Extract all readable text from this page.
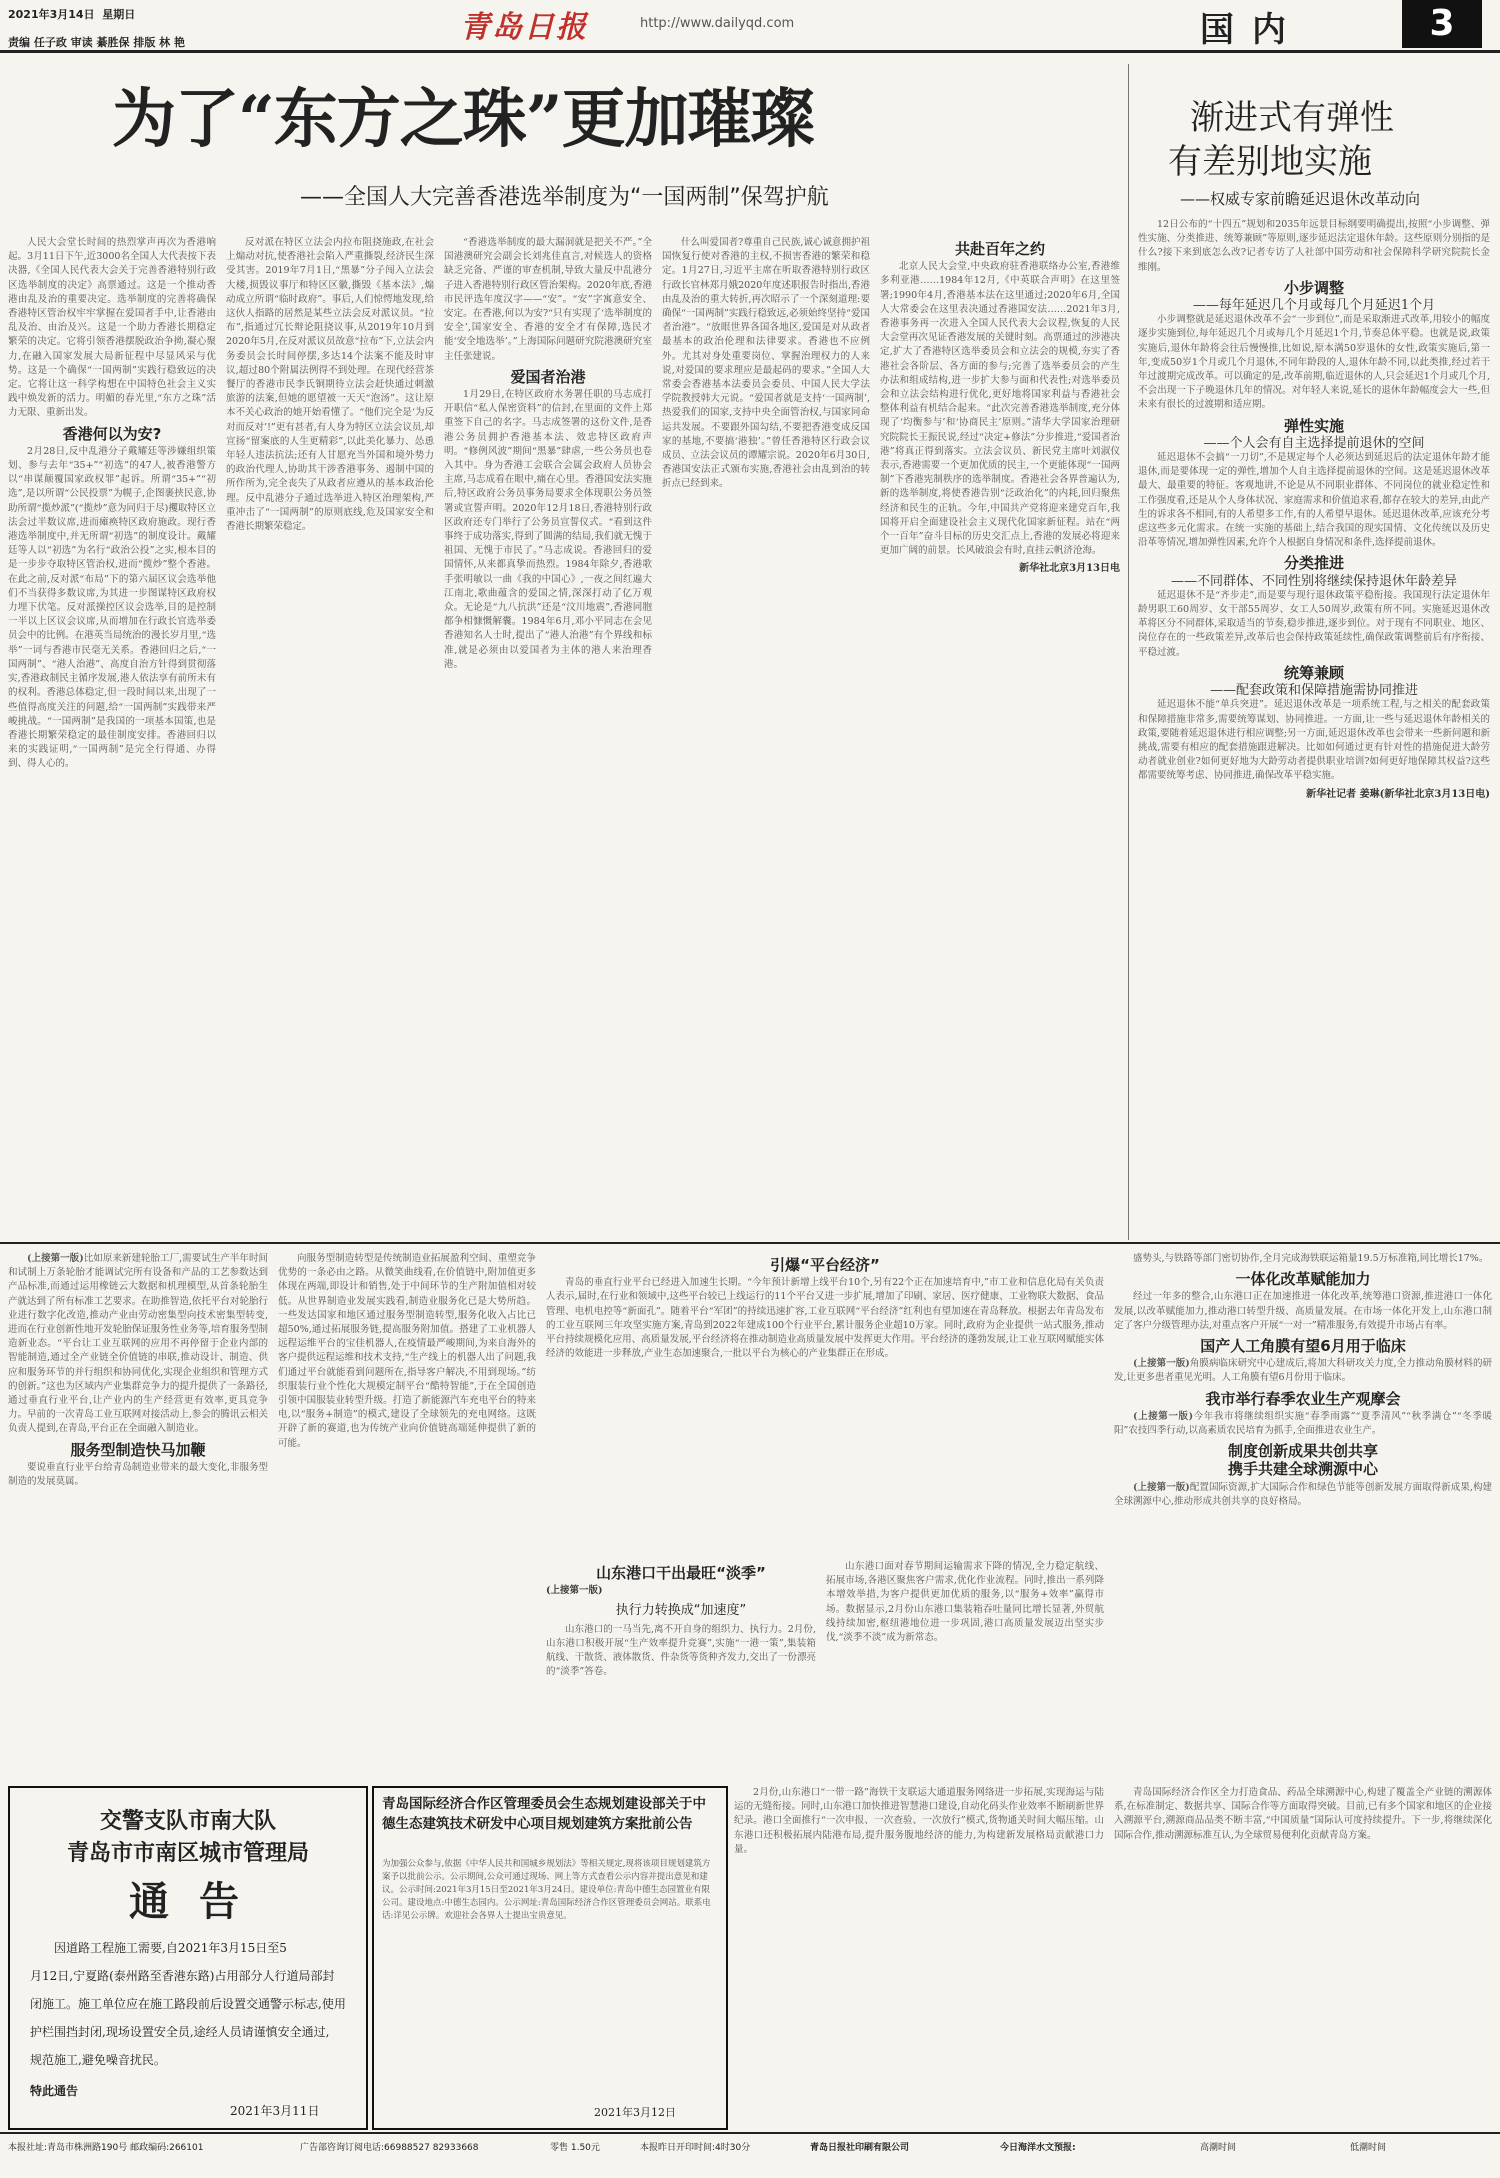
2021年3月14日 星期日
责编 任子政 审读 綦胜保 排版 林 艳	青岛日报	http://www.dailyqd.com	国内	3
为了“东方之珠”更加璀璨
——全国人大完善香港选举制度为“一国两制”保驾护航
渐进式有弹性
有差别地实施
——权威专家前瞻延迟退休改革动向

12日公布的“十四五”规划和2035年远景目标纲要明确提出,按照“小步调整、弹性实施、分类推进、统筹兼顾”等原则,逐步延迟法定退休年龄。这些原则分别指的是什么?接下来到底怎么改?记者专访了人社部中国劳动和社会保障科学研究院院长金维刚。

小步调整
——每年延迟几个月或每几个月延迟1个月

小步调整就是延迟退休改革不会“一步到位”,而是采取渐进式改革,用较小的幅度逐步实施到位,每年延迟几个月或每几个月延迟1个月,节奏总体平稳。也就是说,政策实施后,退休年龄将会往后慢慢推,比如说,原本满50岁退休的女性,政策实施后,第一年,变成50岁1个月或几个月退休,不同年龄段的人,退休年龄不同,以此类推,经过若干年过渡期完成改革。可以确定的是,改革前期,临近退休的人,只会延迟1个月或几个月,不会出现一下子晚退休几年的情况。对年轻人来说,延长的退休年龄幅度会大一些,但未来有很长的过渡期和适应期。

弹性实施
——个人会有自主选择提前退休的空间

延迟退休不会搞“一刀切”,不是规定每个人必须达到延迟后的法定退休年龄才能退休,而是要体现一定的弹性,增加个人自主选择提前退休的空间。这是延迟退休改革最大、最重要的特征。客观地讲,不论是从不同职业群体、不同岗位的就业稳定性和工作强度看,还是从个人身体状况、家庭需求和价值追求看,都存在较大的差异,由此产生的诉求各不相同,有的人希望多工作,有的人希望早退休。延迟退休改革,应该充分考虑这些多元化需求。在统一实施的基础上,结合我国的现实国情、文化传统以及历史沿革等情况,增加弹性因素,允许个人根据自身情况和条件,选择提前退休。

分类推进
——不同群体、不同性别将继续保持退休年龄差异

延迟退休不是“齐步走”,而是要与现行退休政策平稳衔接。我国现行法定退休年龄男职工60周岁、女干部55周岁、女工人50周岁,政策有所不同。实施延迟退休改革将区分不同群体,采取适当的节奏,稳步推进,逐步到位。对于现有不同职业、地区、岗位存在的一些政策差异,改革后也会保持政策延续性,确保政策调整前后有序衔接、平稳过渡。

统筹兼顾
——配套政策和保障措施需协同推进

延迟退休不能“单兵突进”。延迟退休改革是一项系统工程,与之相关的配套政策和保障措施非常多,需要统筹谋划、协同推进。一方面,让一些与延迟退休年龄相关的政策,要随着延迟退休进行相应调整;另一方面,延迟退休改革也会带来一些新问题和新挑战,需要有相应的配套措施跟进解决。比如如何通过更有针对性的措施促进大龄劳动者就业创业?如何更好地为大龄劳动者提供职业培训?如何更好地保障其权益?这些都需要统筹考虑、协同推进,确保改革平稳实施。

新华社记者 姜琳(新华社北京3月13日电)

人民大会堂长时间的热烈掌声再次为香港响起。3月11日下午,近3000名全国人大代表按下表决器,《全国人民代表大会关于完善香港特别行政区选举制度的决定》高票通过。这是一个推动香港由乱及治的重要决定。选举制度的完善将确保香港特区管治权牢牢掌握在爱国者手中,让香港由乱及治、由治及兴。这是一个助力香港长期稳定繁荣的决定。它将引领香港摆脱政治争拗,凝心聚力,在融入国家发展大局新征程中尽显风采与优势。这是一个确保“一国两制”实践行稳致远的决定。它将让这一科学构想在中国特色社会主义实践中焕发新的活力。明媚的春光里,“东方之珠”活力无限、重新出发。

香港何以为安?

2月28日,反中乱港分子戴耀廷等涉嫌组织策划、参与去年“35+”“初选”的47人,被香港警方以“串谋颠覆国家政权罪”起诉。所谓“35+”“初选”,是以所谓“公民投票”为幌子,企图裹挟民意,协助所谓“揽炒派”(“揽炒”意为同归于尽)攫取特区立法会过半数议席,进而瘫痪特区政府施政。现行香港选举制度中,并无所谓“初选”的制度设计。戴耀廷等人以“初选”为名行“政治公投”之实,根本目的是一步步夺取特区管治权,进而“揽炒”整个香港。在此之前,反对派“布局”下的第六届区议会选举他们不当获得多数议席,为其进一步图谋特区政府权力埋下伏笔。反对派操控区议会选举,目的是控制一半以上区议会议席,从而增加在行政长官选举委员会中的比例。在港英当局统治的漫长岁月里,“选举”一词与香港市民毫无关系。香港回归之后,“一国两制”、“港人治港”、高度自治方针得到贯彻落实,香港政制民主循序发展,港人依法享有前所未有的权利。香港总体稳定,但一段时间以来,出现了一些值得高度关注的问题,给“一国两制”实践带来严峻挑战。“一国两制”是我国的一项基本国策,也是香港长期繁荣稳定的最佳制度安排。香港回归以来的实践证明,“一国两制”是完全行得通、办得到、得人心的。

反对派在特区立法会内拉布阻挠施政,在社会上煽动对抗,使香港社会陷入严重撕裂,经济民生深受其害。2019年7月1日,“黑暴”分子闯入立法会大楼,损毁议事厅和特区区徽,撕毁《基本法》,煽动成立所谓“临时政府”。事后,人们惊愕地发现,给这伙人指路的居然是某些立法会反对派议员。“拉布”,指通过冗长辩论阻挠议事,从2019年10月到2020年5月,在反对派议员故意“拉布”下,立法会内务委员会长时间停摆,多达14个法案不能及时审议,超过80个附属法例得不到处理。在现代经营茶餐厅的香港市民李氏铜期待立法会赶快通过刺激旅游的法案,但她的愿望被一天天“泡汤”。这让原本不关心政治的她开始看懂了。“他们完全是‘为反对而反对’!”更有甚者,有人身为特区立法会议员,却宣扬“留案底的人生更精彩”,以此美化暴力、怂恿年轻人违法抗法;还有人甘愿充当外国和境外势力的政治代理人,协助其干涉香港事务、遏制中国的所作所为,完全丧失了从政者应遵从的基本政治伦理。反中乱港分子通过选举进入特区治理架构,严重冲击了“一国两制”的原则底线,危及国家安全和香港长期繁荣稳定。

“香港选举制度的最大漏洞就是把关不严。”全国港澳研究会副会长刘兆佳直言,对候选人的资格缺乏完备、严谨的审查机制,导致大量反中乱港分子进入香港特别行政区管治架构。2020年底,香港市民评选年度汉字——“安”。“安”字寓意安全、安定。在香港,何以为安?“只有实现了‘选举制度的安全’,国家安全、香港的安全才有保障,选民才能‘安全地选举’。”上海国际问题研究院港澳研究室主任张建说。

爱国者治港

1月29日,在特区政府水务署任职的马志成打开职信“私人保密资料”的信封,在里面的文件上郑重签下自己的名字。马志成签署的这份文件,是香港公务员拥护香港基本法、效忠特区政府声明。“修例风波”期间“黑暴”肆虐,一些公务员也卷入其中。身为香港工会联合会属会政府人员协会主席,马志成看在眼中,痛在心里。香港国安法实施后,特区政府公务员事务局要求全体现职公务员签署或宣誓声明。2020年12月18日,香港特别行政区政府还专门举行了公务员宣誓仪式。“看到这件事终于成功落实,得到了圆满的结局,我们就无愧于祖国、无愧于市民了。”马志成说。香港回归的爱国情怀,从来都真挚而热烈。1984年除夕,香港歌手张明敏以一曲《我的中国心》,一夜之间红遍大江南北,歌曲蕴含的爱国之情,深深打动了亿万观众。无论是“九八抗洪”还是“汶川地震”,香港同胞都争相慷慨解囊。1984年6月,邓小平同志在会见香港知名人士时,提出了“港人治港”有个界线和标准,就是必须由以爱国者为主体的港人来治理香港。

什么叫爱国者?尊重自己民族,诚心诚意拥护祖国恢复行使对香港的主权,不损害香港的繁荣和稳定。1月27日,习近平主席在听取香港特别行政区行政长官林郑月娥2020年度述职报告时指出,香港由乱及治的重大转折,再次昭示了一个深刻道理:要确保“一国两制”实践行稳致远,必须始终坚持“爱国者治港”。“放眼世界各国各地区,爱国是对从政者最基本的政治伦理和法律要求。香港也不应例外。尤其对身处重要岗位、掌握治理权力的人来说,对爱国的要求理应是最起码的要求。”全国人大常委会香港基本法委员会委员、中国人民大学法学院教授韩大元说。“爱国者就是支持‘一国两制’,热爱我们的国家,支持中央全面管治权,与国家同命运共发展。不要跟外国勾结,不要把香港变成反国家的基地,不要搞‘港独’。”曾任香港特区行政会议成员、立法会议员的谭耀宗说。2020年6月30日,香港国安法正式颁布实施,香港社会由乱到治的转折点已经到来。

共赴百年之约

北京人民大会堂,中央政府驻香港联络办公室,香港维多利亚港……1984年12月,《中英联合声明》在这里签署;1990年4月,香港基本法在这里通过;2020年6月,全国人大常委会在这里表决通过香港国安法……2021年3月,香港事务再一次进入全国人民代表大会议程,恢复的人民大会堂再次见证香港发展的关键时刻。高票通过的涉港决定,扩大了香港特区选举委员会和立法会的规模,夯实了香港社会各阶层、各方面的参与;完善了选举委员会的产生办法和组成结构,进一步扩大参与面和代表性;对选举委员会和立法会结构进行优化,更好地将国家利益与香港社会整体利益有机结合起来。“此次完善香港选举制度,充分体现了‘均衡参与’和‘协商民主’原则。”清华大学国家治理研究院院长王振民说,经过“决定+修法”分步推进,“爱国者治港”将真正得到落实。立法会议员、新民党主席叶刘淑仪表示,香港需要一个更加优质的民主,一个更能体现“一国两制”下香港宪制秩序的选举制度。香港社会各界普遍认为,新的选举制度,将使香港告别“泛政治化”的内耗,回归聚焦经济和民生的正轨。今年,中国共产党将迎来建党百年,我国将开启全面建设社会主义现代化国家新征程。站在“两个一百年”奋斗目标的历史交汇点上,香港的发展必将迎来更加广阔的前景。长风破浪会有时,直挂云帆济沧海。

新华社北京3月13日电

(上接第一版)比如原来新建轮胎工厂,需要试生产半年时间和试制上万条轮胎才能调试完所有设备和产品的工艺参数达到产品标准,而通过运用橡链云大数据和机理模型,从首条轮胎生产就达到了所有标准工艺要求。在助推智造,依托平台对轮胎行业进行数字化改造,推动产业由劳动密集型向技术密集型转变,进而在行业创新性地开发轮胎保证服务性业务等,培育服务型制造新业态。“平台让工业互联网的应用不再停留于企业内部的智能制造,通过全产业链全价值链的串联,推动设计、制造、供应和服务环节的并行组织和协同优化,实现企业组织和管理方式的创新。”这也为区域内产业集群竞争力的提升提供了一条路径,通过垂直行业平台,让产业内的生产经营更有效率,更具竞争力。早前的一次青岛工业互联网对接活动上,参会的腾讯云相关负责人提到,在青岛,平台正在全面融入制造业。

服务型制造快马加鞭

要说垂直行业平台给青岛制造业带来的最大变化,非服务型制造的发展莫属。

向服务型制造转型是传统制造业拓展盈利空间、重塑竞争优势的一条必由之路。从微笑曲线看,在价值链中,附加值更多体现在两端,即设计和销售,处于中间环节的生产附加值相对较低。从世界制造业发展实践看,制造业服务化已是大势所趋。一些发达国家和地区通过服务型制造转型,服务化收入占比已超50%,通过拓展服务链,提高服务附加值。搭建了工业机器人远程运维平台的宝佳机器人,在疫情最严峻期间,为来自海外的客户提供远程运维和技术支持,“生产线上的机器人出了问题,我们通过平台就能看到问题所在,指导客户解决,不用到现场。”纺织服装行业个性化大规模定制平台“酷特智能”,于在全国创造引领中国服装业转型升级。打造了新能源汽车充电平台的特来电,以“服务+制造”的模式,建设了全球领先的充电网络。这既开辟了新的赛道,也为传统产业向价值链高端延伸提供了新的可能。

引爆“平台经济”

青岛的垂直行业平台已经进入加速生长期。“今年预计新增上线平台10个,另有22个正在加速培育中,”市工业和信息化局有关负责人表示,届时,在行业和领域中,这些平台较已上线运行的11个平台又进一步扩展,增加了印刷、家居、医疗健康、工业物联大数据、食品管理、电机电控等“新面孔”。随着平台“军团”的持续迅速扩容,工业互联网“平台经济”红利也有望加速在青岛释放。根据去年青岛发布的工业互联网三年攻坚实施方案,青岛到2022年建成100个行业平台,累计服务企业超10万家。同时,政府为企业提供一站式服务,推动平台持续规模化应用、高质量发展,平台经济将在推动制造业高质量发展中发挥更大作用。平台经济的蓬勃发展,让工业互联网赋能实体经济的效能进一步释放,产业生态加速聚合,一批以平台为核心的产业集群正在形成。

山东港口干出最旺“淡季”

(上接第一版)

执行力转换成“加速度”

山东港口的一马当先,离不开自身的组织力、执行力。2月份,山东港口积极开展“生产效率提升竞赛”,实施“一港一策”,集装箱航线、干散货、液体散货、件杂货等货种齐发力,交出了一份漂亮的“淡季”答卷。

山东港口面对春节期间运输需求下降的情况,全力稳定航线、拓展市场,各港区聚焦客户需求,优化作业流程。同时,推出一系列降本增效举措,为客户提供更加优质的服务,以“服务+效率”赢得市场。数据显示,2月份山东港口集装箱吞吐量同比增长显著,外贸航线持续加密,枢纽港地位进一步巩固,港口高质量发展迈出坚实步伐,“淡季不淡”成为新常态。

盛势头,与铁路等部门密切协作,全月完成海铁联运箱量19.5万标准箱,同比增长17%。

一体化改革赋能加力

经过一年多的整合,山东港口正在加速推进一体化改革,统筹港口资源,推进港口一体化发展,以改革赋能加力,推动港口转型升级、高质量发展。在市场一体化开发上,山东港口制定了客户分级管理办法,对重点客户开展“一对一”精准服务,有效提升市场占有率。

国产人工角膜有望6月用于临床

(上接第一版)角膜病临床研究中心建成后,将加大科研攻关力度,全力推动角膜材料的研发,让更多患者重见光明。人工角膜有望6月份用于临床。

我市举行春季农业生产观摩会

(上接第一版)今年我市将继续组织实施“春季雨露”“夏季清风”“秋季满仓”“冬季暖阳”农技四季行动,以高素质农民培育为抓手,全面推进农业生产。

制度创新成果共创共享
携手共建全球溯源中心

(上接第一版)配置国际资源,扩大国际合作和绿色节能等创新发展方面取得新成果,构建全球溯源中心,推动形成共创共享的良好格局。

交警支队市南大队
青岛市市南区城市管理局
通 告
因道路工程施工需要,自2021年3月15日至5
月12日,宁夏路(泰州路至香港东路)占用部分人行道局部封
闭施工。施工单位应在施工路段前后设置交通警示标志,使用
护栏围挡封闭,现场设置安全员,途经人员请谨慎安全通过,
规范施工,避免噪音扰民。
特此通告
2021年3月11日
青岛国际经济合作区管理委员会生态规划建设部关于中德生态建筑技术研发中心项目规划建筑方案批前公告
为加强公众参与,依据《中华人民共和国城乡规划法》等相关规定,现将该项目规划建筑方案予以批前公示。公示期间,公众可通过现场、网上等方式查看公示内容并提出意见和建议。公示时间:2021年3月15日至2021年3月24日。建设单位:青岛中德生态园置业有限公司。建设地点:中德生态园内。公示网址:青岛国际经济合作区管理委员会网站。联系电话:详见公示牌。欢迎社会各界人士提出宝贵意见。
2021年3月12日

2月份,山东港口“一带一路”海铁干支联运大通道服务网络进一步拓展,实现海运与陆运的无缝衔接。同时,山东港口加快推进智慧港口建设,自动化码头作业效率不断刷新世界纪录。港口全面推行“一次申报、一次查验、一次放行”模式,货物通关时间大幅压缩。山东港口还积极拓展内陆港布局,提升服务腹地经济的能力,为构建新发展格局贡献港口力量。

青岛国际经济合作区全力打造食品、药品全球溯源中心,构建了覆盖全产业链的溯源体系,在标准制定、数据共享、国际合作等方面取得突破。目前,已有多个国家和地区的企业接入溯源平台,溯源商品品类不断丰富,“中国质量”国际认可度持续提升。下一步,将继续深化国际合作,推动溯源标准互认,为全球贸易便利化贡献青岛方案。

本报社址:青岛市株洲路190号 邮政编码:266101	广告部咨询订阅电话:66988527 82933668	零售 1.50元	本报昨日开印时间:4时30分	青岛日报社印刷有限公司	今日海洋水文预报:	高潮时间	低潮时间
